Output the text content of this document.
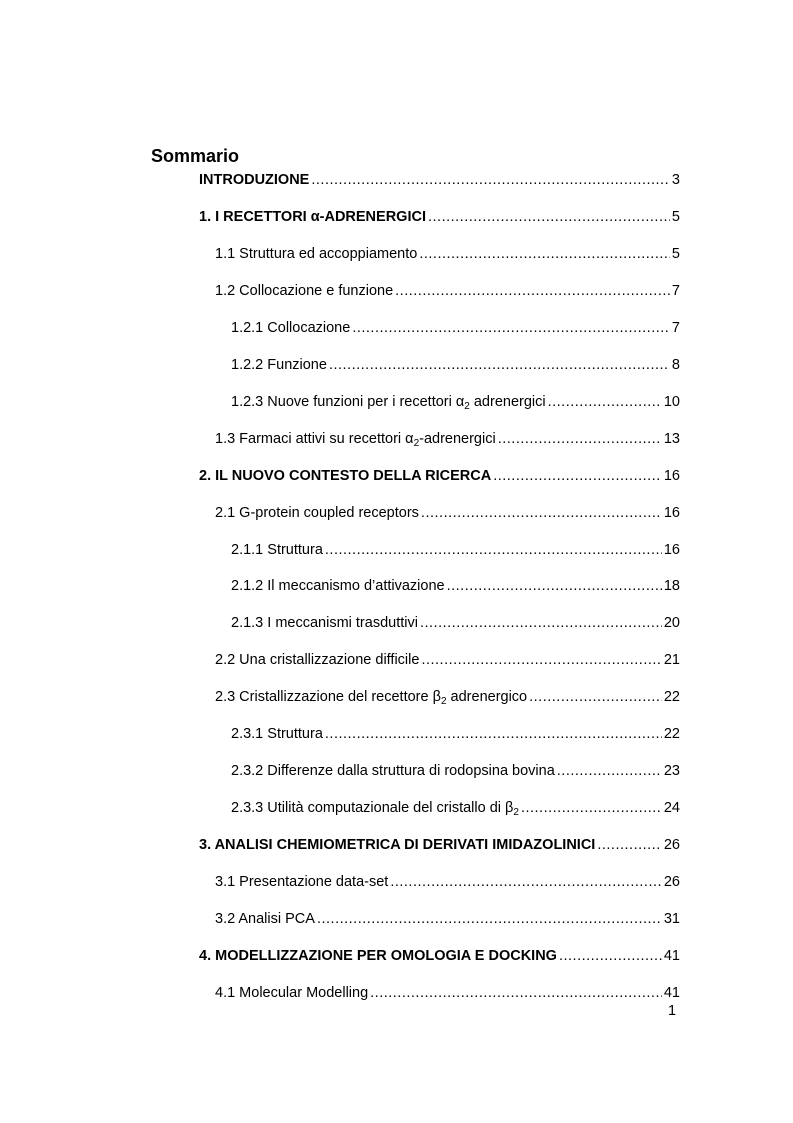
Sommario
INTRODUZIONE .....	3
1. I RECETTORI α-ADRENERGICI .....	5
1.1 Struttura ed accoppiamento .....	5
1.2 Collocazione e funzione .....	7
1.2.1 Collocazione .....	7
1.2.2 Funzione .....	8
1.2.3 Nuove funzioni per i recettori $\alpha_2$ adrenergici .....	10
1.3 Farmaci attivi su recettori $\alpha_2$-adrenergici .....	13
2. IL NUOVO CONTESTO DELLA RICERCA .....	16
2.1 G-protein coupled receptors .....	16
2.1.1 Struttura .....	16
2.1.2 Il meccanismo d’attivazione .....	18
2.1.3 I meccanismi trasduttivi .....	20
2.2 Una cristallizzazione difficile .....	21
2.3 Cristallizzazione del recettore $\beta_2$ adrenergico .....	22
2.3.1 Struttura .....	22
2.3.2 Differenze dalla struttura di rodopsina bovina .....	23
2.3.3 Utilità computazionale del cristallo di $\beta_2$ .....	24
3. ANALISI CHEMIOMETRICA DI DERIVATI IMIDAZOLINICI .....	26
3.1 Presentazione data-set .....	26
3.2 Analisi PCA .....	31
4. MODELLIZZAZIONE PER OMOLOGIA E DOCKING .....	41
4.1 Molecular Modelling .....	41
1
